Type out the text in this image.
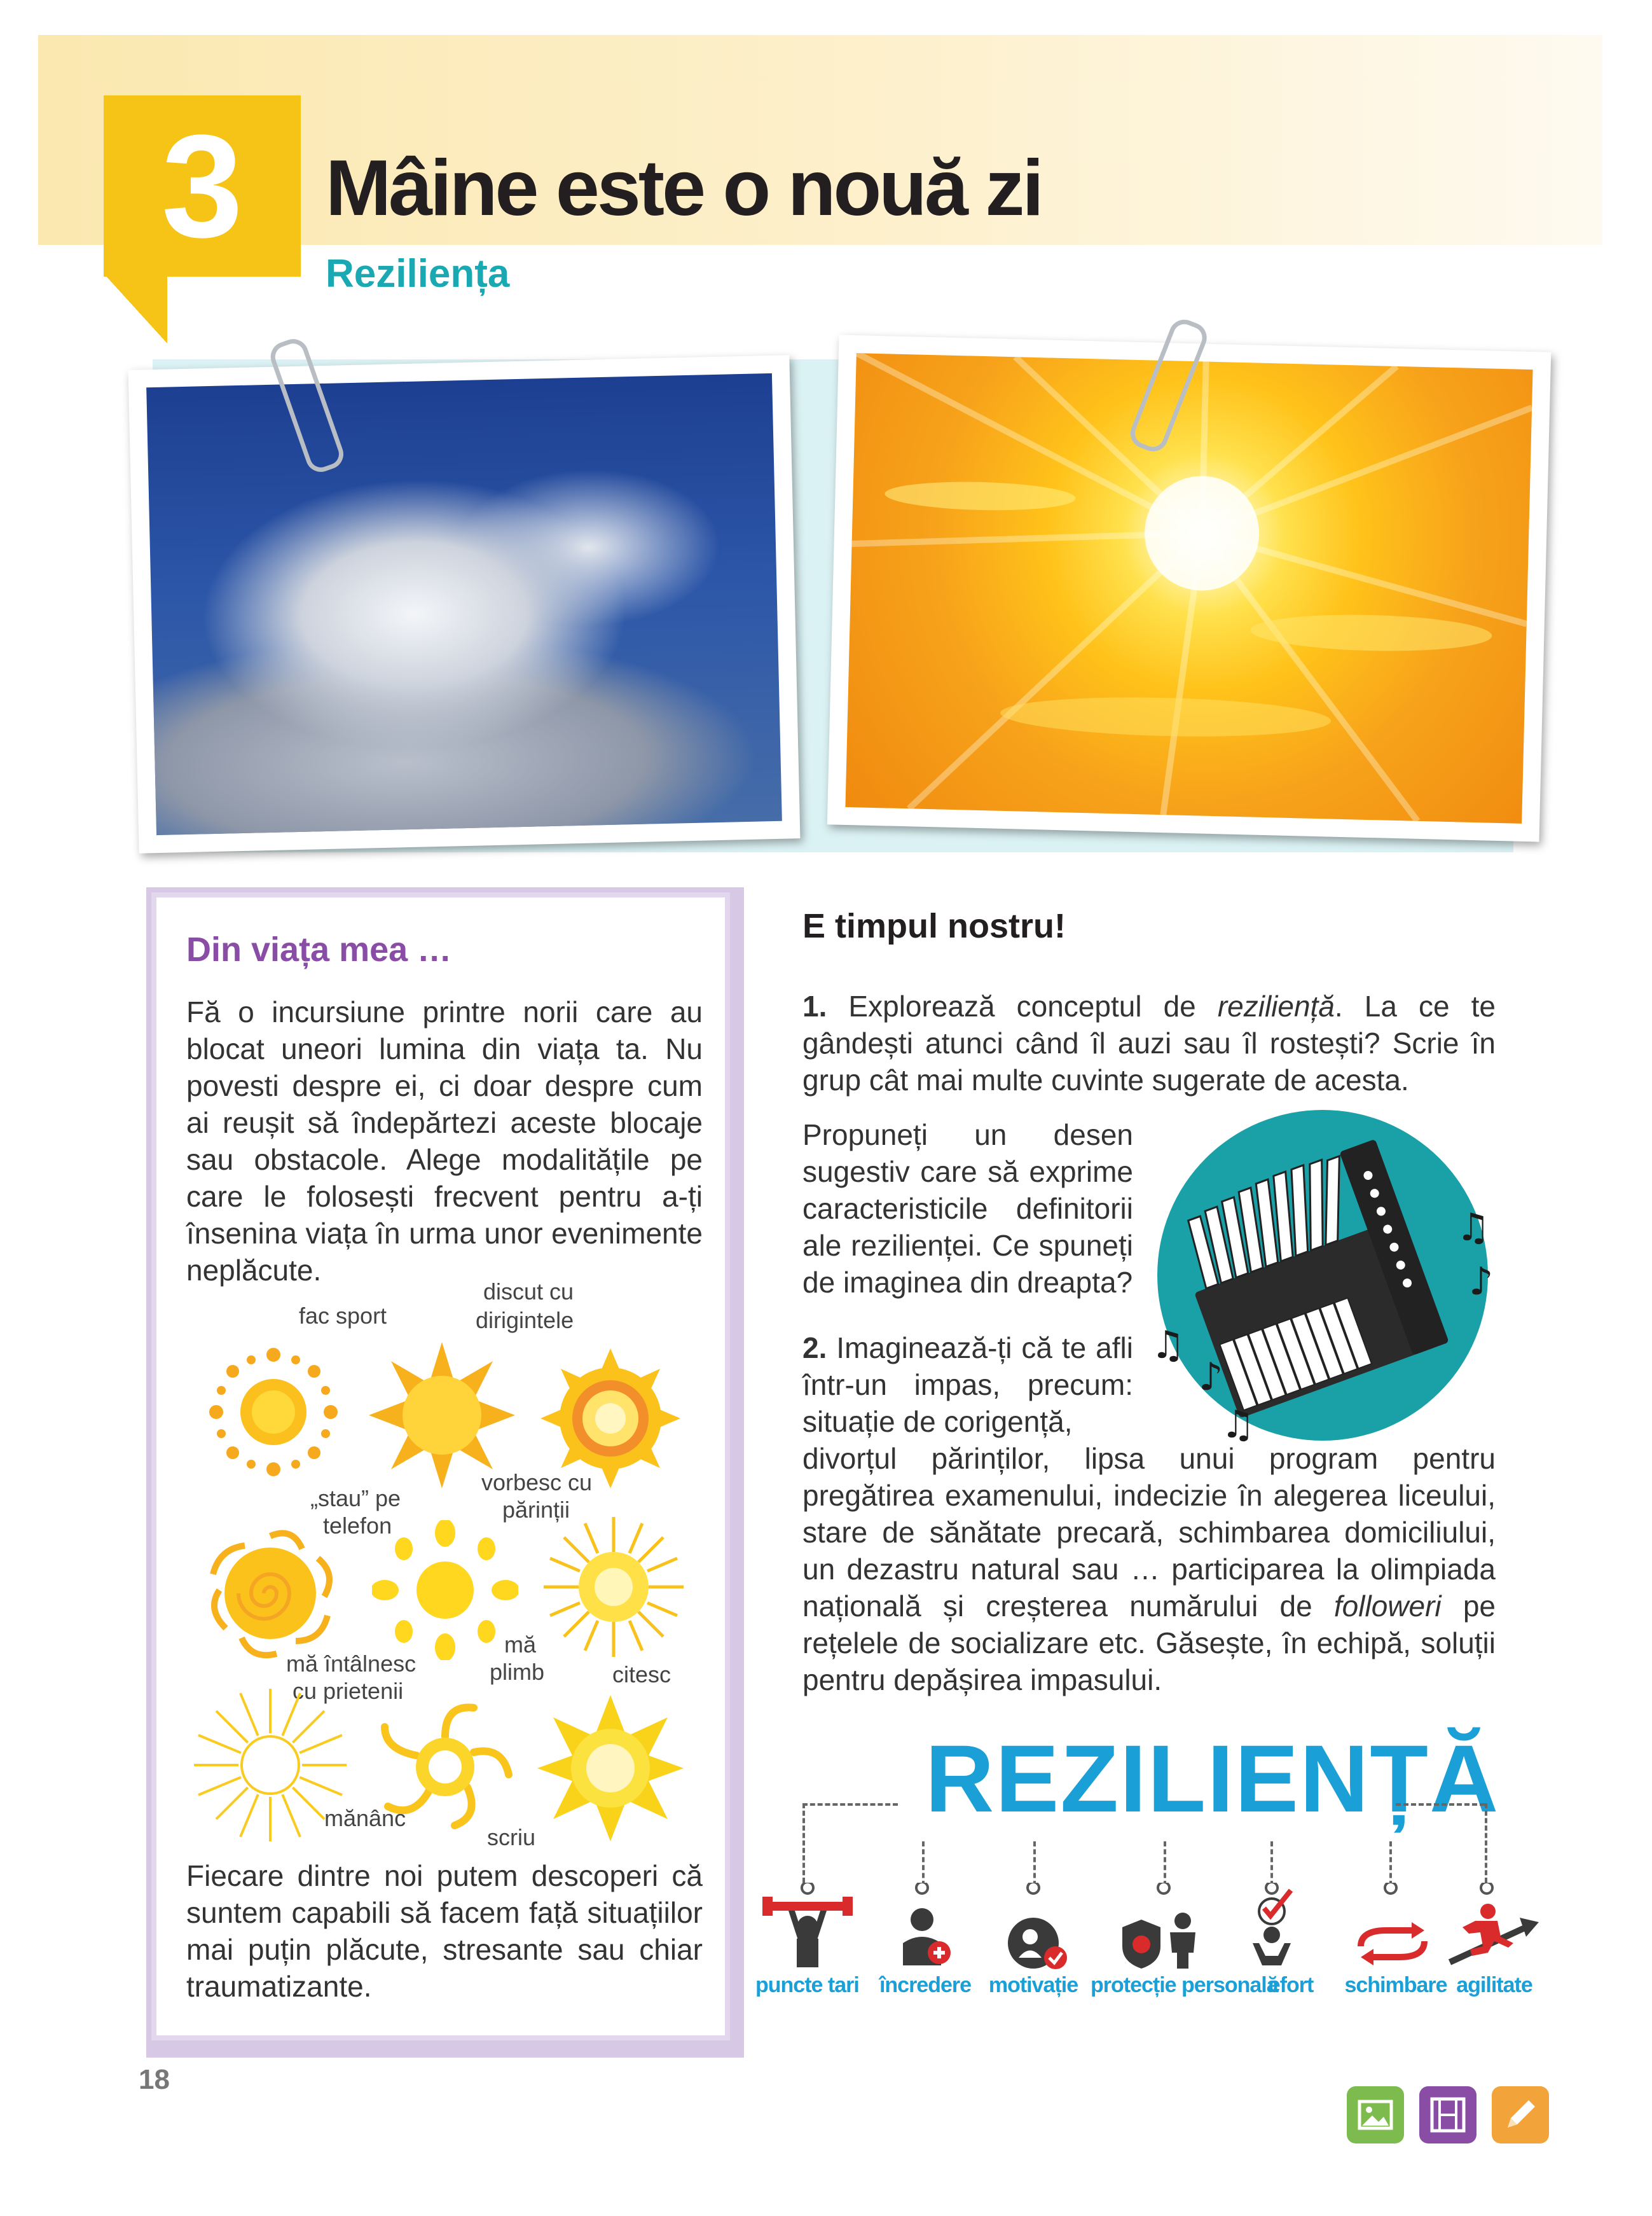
3	Mâine este o nouă zi
Reziliența
Din viața mea …
Fă o incursiune printre norii care au blocat uneori lumina din viața ta. Nu povesti despre ei, ci doar despre cum ai reușit să îndepărtezi aceste blocaje sau obstacole. Alege modalitățile pe care le folosești frecvent pentru a-ți însenina viața în urma unor evenimente neplăcute.
fac sport
discut cu
dirigintele
„stau” pe
telefon
vorbesc cu
părinții
mă întâlnesc
cu prietenii
mă
plimb	citesc
mănânc
scriu
Fiecare dintre noi putem descoperi că suntem capabili să facem față situațiilor mai puțin plăcute, stresante sau chiar traumatizante.
E timpul nostru!
1. Explorează conceptul de reziliență. La ce te gândești atunci când îl auzi sau îl rostești? Scrie în grup cât mai multe cuvinte sugerate de acesta.
Propuneți un desen sugestiv care să exprime caracteristicile definitorii ale rezilienței. Ce spuneți de imaginea din dreapta?
2. Imaginează-ți că te afli într-un impas, precum: situație de corigență,
divorțul părinților, lipsa unui program pentru pregătirea examenului, indecizie în alegerea liceului, stare de sănătate precară, schimbarea domiciliului, un dezastru natural sau … participarea la olimpiada națională și creșterea numărului de followeri pe rețelele de socializare etc. Găsește, în echipă, soluții pentru depășirea impasului.
♫
♪
♫
♪
♫
REZILIENȚĂ
puncte tari încredere motivație protecție personală
efort schimbare agilitate
18
